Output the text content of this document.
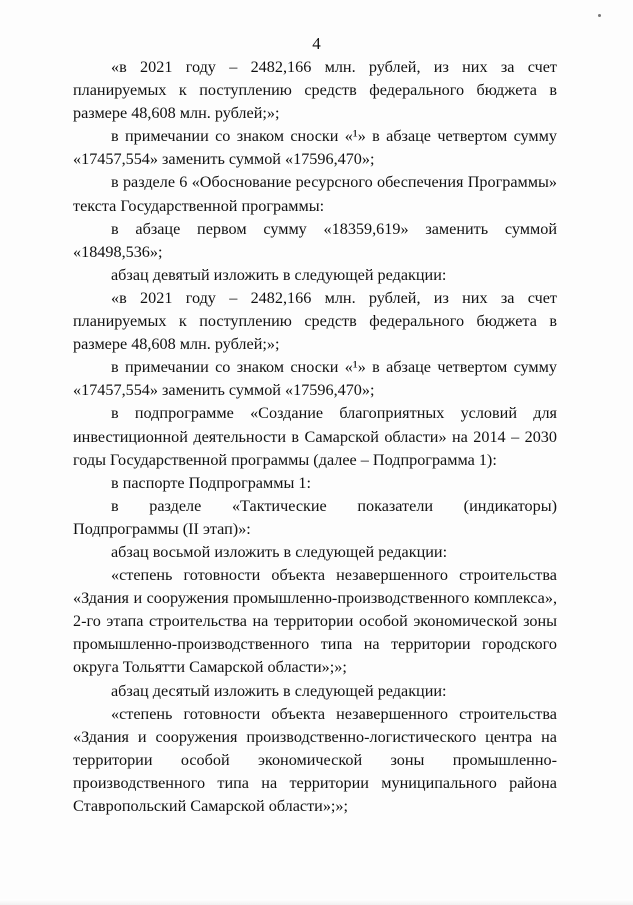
4

«в 2021 году – 2482,166 млн. рублей, из них за счет планируемых к поступлению средств федерального бюджета в размере 48,608 млн. рублей;»;

в примечании со знаком сноски «¹» в абзаце четвертом сумму «17457,554» заменить суммой «17596,470»;

в разделе 6 «Обоснование ресурсного обеспечения Программы» текста Государственной программы:

в абзаце первом сумму «18359,619» заменить суммой «18498,536»;

абзац девятый изложить в следующей редакции:

«в 2021 году – 2482,166 млн. рублей, из них за счет планируемых к поступлению средств федерального бюджета в размере 48,608 млн. рублей;»;

в примечании со знаком сноски «¹» в абзаце четвертом сумму «17457,554» заменить суммой «17596,470»;

в подпрограмме «Создание благоприятных условий для инвестиционной деятельности в Самарской области» на 2014 – 2030 годы Государственной программы (далее – Подпрограмма 1):

в паспорте Подпрограммы 1:

в разделе «Тактические показатели (индикаторы) Подпрограммы (II этап)»:

абзац восьмой изложить в следующей редакции:

«степень готовности объекта незавершенного строительства «Здания и сооружения промышленно-производственного комплекса», 2-го этапа строительства на территории особой экономической зоны промышленно-производственного типа на территории городского округа Тольятти Самарской области»;»;

абзац десятый изложить в следующей редакции:

«степень готовности объекта незавершенного строительства «Здания и сооружения производственно-логистического центра на территории особой экономической зоны промышленно-производственного типа на территории муниципального района Ставропольский Самарской области»;»;
